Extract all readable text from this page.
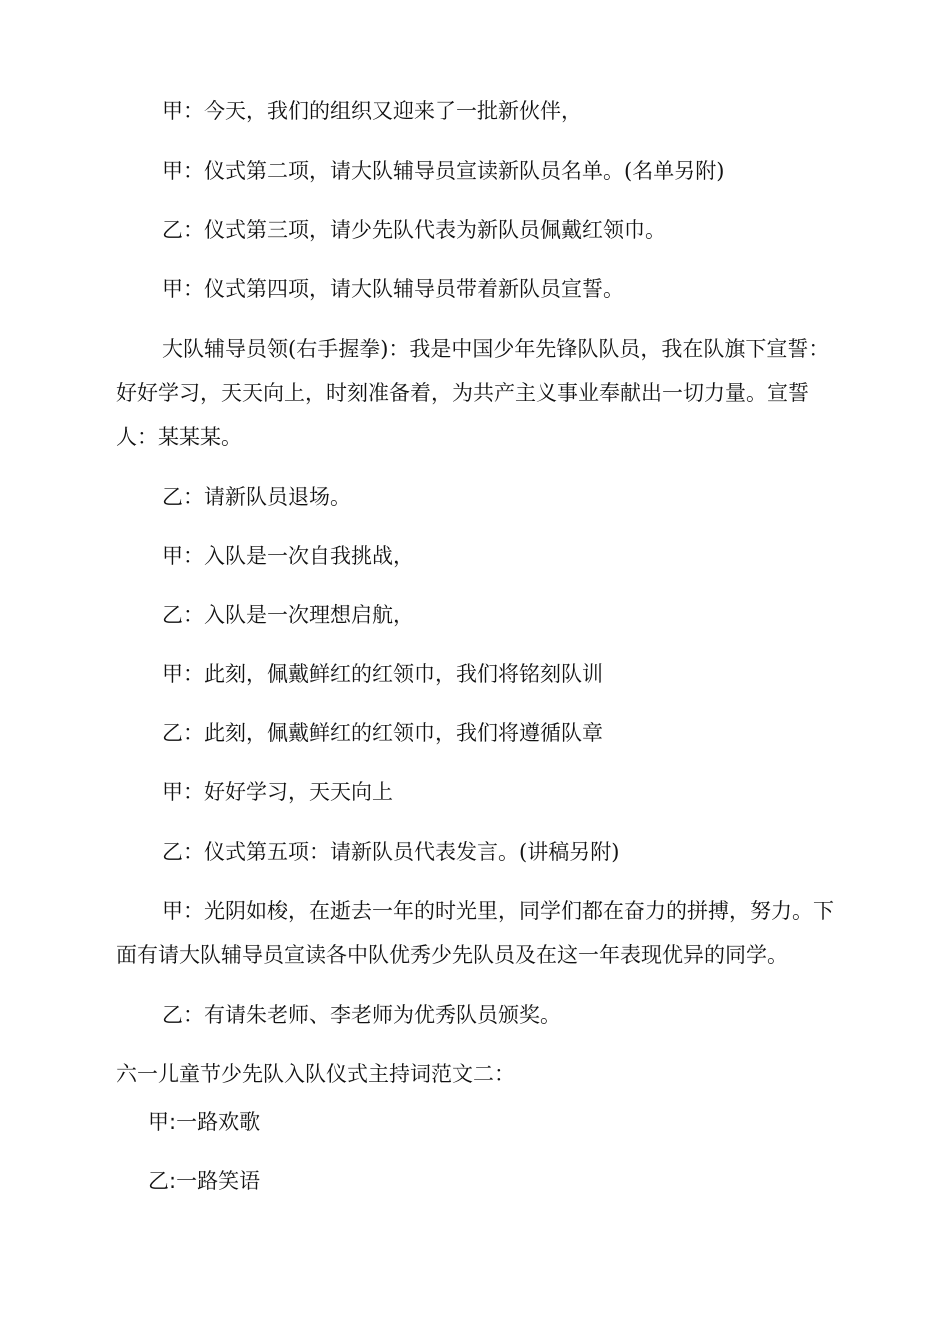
甲：今天，我们的组织又迎来了一批新伙伴，
甲：仪式第二项，请大队辅导员宣读新队员名单。(名单另附)
乙：仪式第三项，请少先队代表为新队员佩戴红领巾。
甲：仪式第四项，请大队辅导员带着新队员宣誓。
大队辅导员领(右手握拳)：我是中国少年先锋队队员，我在队旗下宣誓：好好学习，天天向上，时刻准备着，为共产主义事业奉献出一切力量。宣誓人：某某某。
乙：请新队员退场。
甲：入队是一次自我挑战，
乙：入队是一次理想启航，
甲：此刻，佩戴鲜红的红领巾，我们将铭刻队训
乙：此刻，佩戴鲜红的红领巾，我们将遵循队章
甲：好好学习，天天向上
乙：仪式第五项：请新队员代表发言。(讲稿另附)
甲：光阴如梭，在逝去一年的时光里，同学们都在奋力的拼搏，努力。下面有请大队辅导员宣读各中队优秀少先队员及在这一年表现优异的同学。
乙：有请朱老师、李老师为优秀队员颁奖。
六一儿童节少先队入队仪式主持词范文二：
甲:一路欢歌
乙:一路笑语
